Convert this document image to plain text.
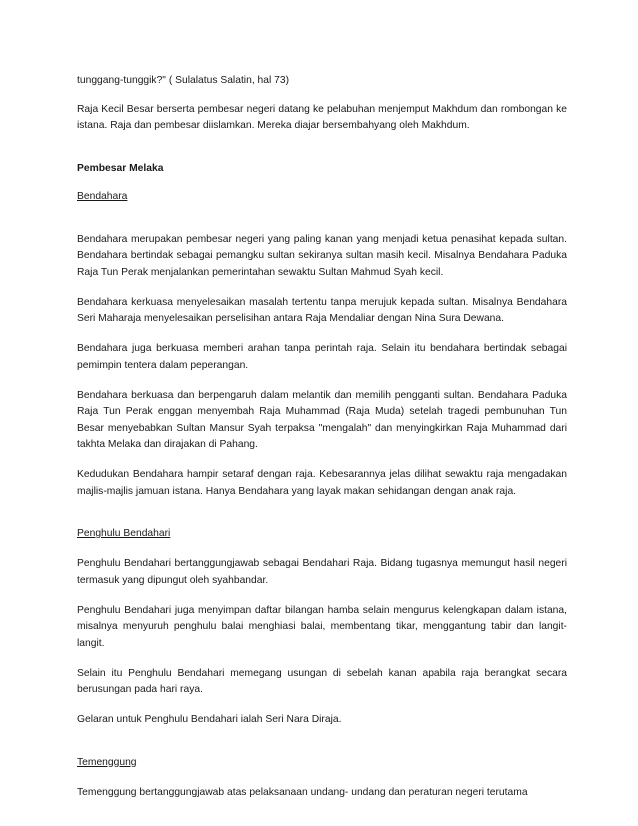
tunggang-tunggik?" ( Sulalatus Salatin, hal 73)

Raja Kecil Besar berserta pembesar negeri datang ke pelabuhan menjemput Makhdum dan rombongan ke istana. Raja dan pembesar diislamkan. Mereka diajar bersembahyang oleh Makhdum.

Pembesar Melaka

Bendahara

Bendahara merupakan pembesar negeri yang paling kanan yang menjadi ketua penasihat kepada sultan. Bendahara bertindak sebagai pemangku sultan sekiranya sultan masih kecil. Misalnya Bendahara Paduka Raja Tun Perak menjalankan pemerintahan sewaktu Sultan Mahmud Syah kecil.

Bendahara kerkuasa menyelesaikan masalah tertentu tanpa merujuk kepada sultan. Misalnya Bendahara Seri Maharaja menyelesaikan perselisihan antara Raja Mendaliar dengan Nina Sura Dewana.

Bendahara juga berkuasa memberi arahan tanpa perintah raja. Selain itu bendahara bertindak sebagai pemimpin tentera dalam peperangan.

Bendahara berkuasa dan berpengaruh dalam melantik dan memilih pengganti sultan. Bendahara Paduka Raja Tun Perak enggan menyembah Raja Muhammad (Raja Muda) setelah tragedi pembunuhan Tun Besar menyebabkan Sultan Mansur Syah terpaksa "mengalah" dan menyingkirkan Raja Muhammad dari takhta Melaka dan dirajakan di Pahang.

Kedudukan Bendahara hampir setaraf dengan raja. Kebesarannya jelas dilihat sewaktu raja mengadakan majlis-majlis jamuan istana. Hanya Bendahara yang layak makan sehidangan dengan anak raja.

Penghulu Bendahari

Penghulu Bendahari bertanggungjawab sebagai Bendahari Raja. Bidang tugasnya memungut hasil negeri termasuk yang dipungut oleh syahbandar.

Penghulu Bendahari juga menyimpan daftar bilangan hamba selain mengurus kelengkapan dalam istana, misalnya menyuruh penghulu balai menghiasi balai, membentang tikar, menggantung tabir dan langit-langit.

Selain itu Penghulu Bendahari memegang usungan di sebelah kanan apabila raja berangkat secara berusungan pada hari raya.

Gelaran untuk Penghulu Bendahari ialah Seri Nara Diraja.

Temenggung

Temenggung bertanggungjawab atas pelaksanaan undang- undang dan peraturan negeri terutama
